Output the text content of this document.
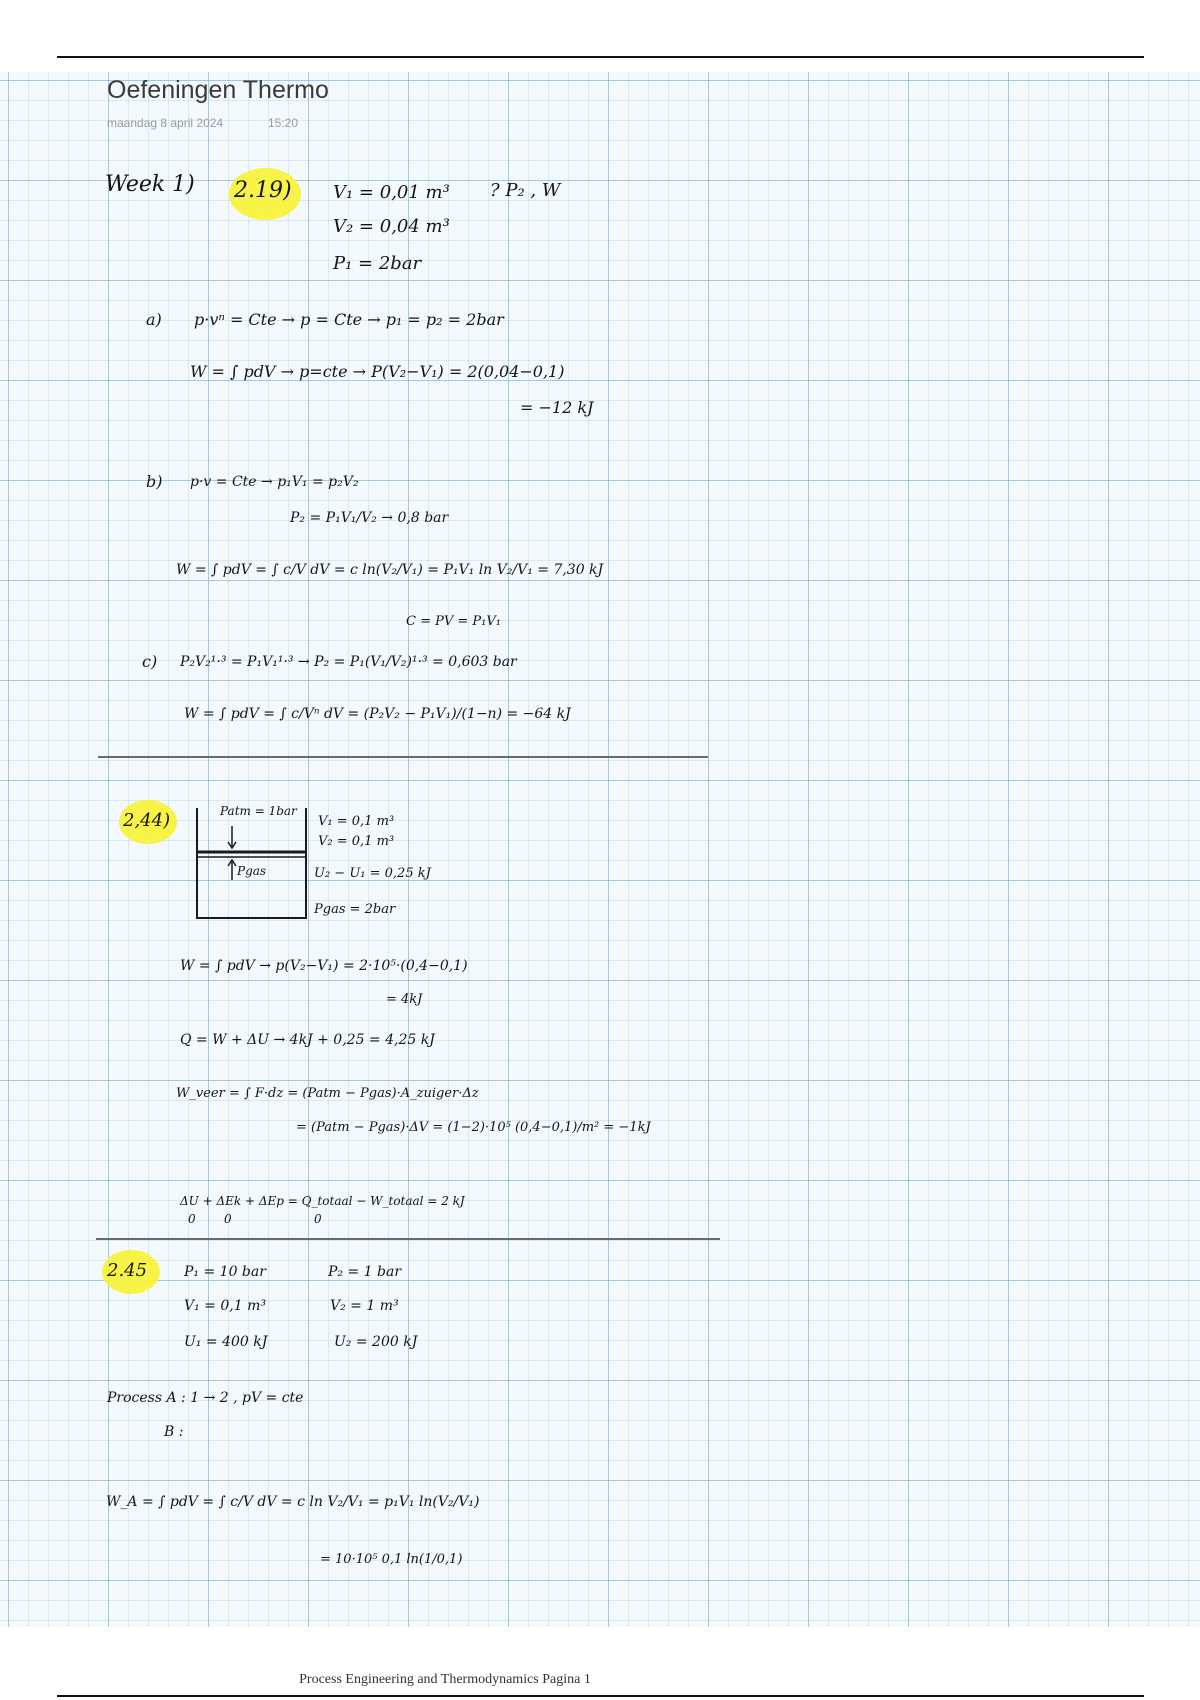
Oefeningen Thermo
maandag 8 april 2024	15:20
Week 1) 2.19) V₁ = 0,01 m³
V₂ = 0,04 m³
P₁ = 2bar
? P₂ , W
a) p·vⁿ = Cte → p = Cte → p₁ = p₂ = 2bar
W = ∫ pdV → p=cte → P(V₂−V₁) = 2(0,04−0,1)
= −12 kJ
b) p·v = Cte → p₁V₁ = p₂V₂
P₂ = P₁V₁/V₂ → 0,8 bar
W = ∫ pdV = ∫ c/V dV = c ln(V₂/V₁) = P₁V₁ ln V₂/V₁ = 7,30 kJ
C = PV = P₁V₁
c) P₂V₂¹·³ = P₁V₁¹·³ → P₂ = P₁(V₁/V₂)¹·³ = 0,603 bar
W = ∫ pdV = ∫ c/Vⁿ dV = (P₂V₂ − P₁V₁)/(1−n) = −64 kJ
2,44)	Patm = 1bar
Pgas
V₁ = 0,1 m³
V₂ = 0,1 m³
U₂ − U₁ = 0,25 kJ
Pgas = 2bar
W = ∫ pdV → p(V₂−V₁) = 2·10⁵·(0,4−0,1)
= 4kJ
Q = W + ΔU → 4kJ + 0,25 = 4,25 kJ
W_veer = ∫ F·dz = (Patm − Pgas)·A_zuiger·Δz
= (Patm − Pgas)·ΔV = (1−2)·10⁵ (0,4−0,1)/m² = −1kJ
ΔU + ΔEk + ΔEp = Q_totaal − W_totaal = 2 kJ
0 0	0
2.45	P₁ = 10 bar
V₁ = 0,1 m³
U₁ = 400 kJ
P₂ = 1 bar
V₂ = 1 m³
U₂ = 200 kJ
Process A : 1 → 2 , pV = cte
B :
W_A = ∫ pdV = ∫ c/V dV = c ln V₂/V₁ = p₁V₁ ln(V₂/V₁)
= 10·10⁵ 0,1 ln(1/0,1)
Process Engineering and Thermodynamics Pagina 1
